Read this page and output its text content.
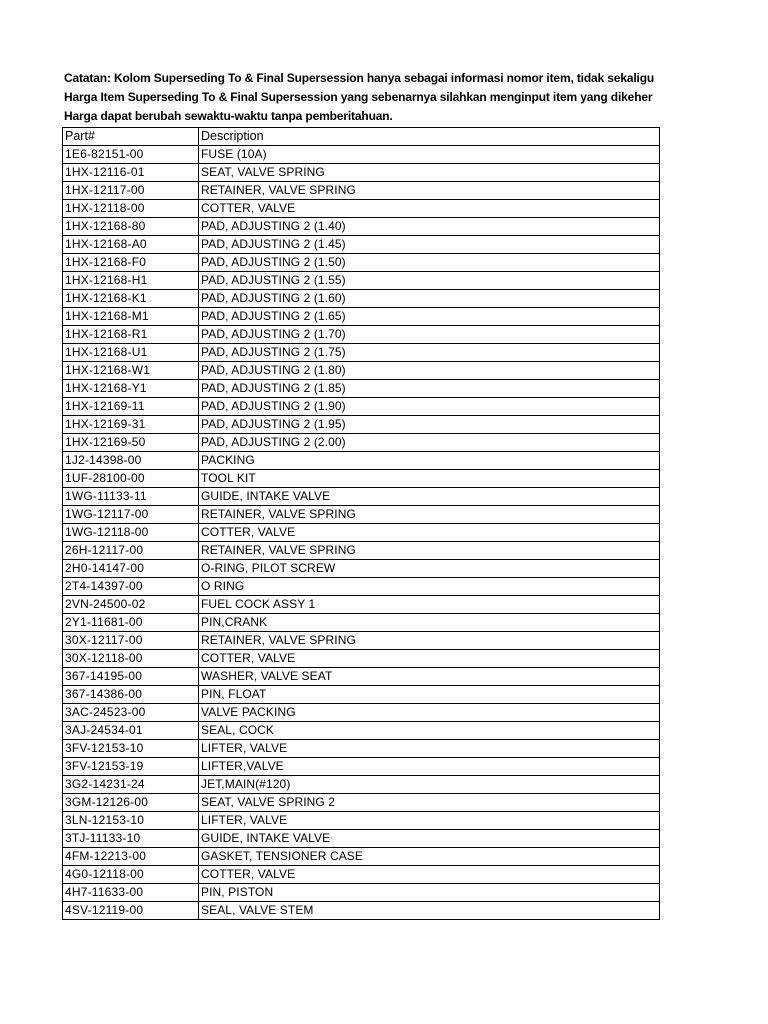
Catatan: Kolom Superseding To & Final Supersession hanya sebagai informasi nomor item, tidak sekaligu
Harga Item Superseding To & Final Supersession yang sebenarnya silahkan menginput item yang dikeher
Harga dapat berubah sewaktu-waktu tanpa pemberitahuan.
Part#	Description
1E6-82151-00	FUSE (10A)
1HX-12116-01	SEAT, VALVE SPRING
1HX-12117-00	RETAINER, VALVE SPRING
1HX-12118-00	COTTER, VALVE
1HX-12168-80	PAD, ADJUSTING 2 (1.40)
1HX-12168-A0	PAD, ADJUSTING 2 (1.45)
1HX-12168-F0	PAD, ADJUSTING 2 (1.50)
1HX-12168-H1	PAD, ADJUSTING 2 (1.55)
1HX-12168-K1	PAD, ADJUSTING 2 (1.60)
1HX-12168-M1	PAD, ADJUSTING 2 (1.65)
1HX-12168-R1	PAD, ADJUSTING 2 (1.70)
1HX-12168-U1	PAD, ADJUSTING 2 (1.75)
1HX-12168-W1	PAD, ADJUSTING 2 (1.80)
1HX-12168-Y1	PAD, ADJUSTING 2 (1.85)
1HX-12169-11	PAD, ADJUSTING 2 (1.90)
1HX-12169-31	PAD, ADJUSTING 2 (1.95)
1HX-12169-50	PAD, ADJUSTING 2 (2.00)
1J2-14398-00	PACKING
1UF-28100-00	TOOL KIT
1WG-11133-11	GUIDE, INTAKE VALVE
1WG-12117-00	RETAINER, VALVE SPRING
1WG-12118-00	COTTER, VALVE
26H-12117-00	RETAINER, VALVE SPRING
2H0-14147-00	O-RING, PILOT SCREW
2T4-14397-00	O RING
2VN-24500-02	FUEL COCK ASSY 1
2Y1-11681-00	PIN,CRANK
30X-12117-00	RETAINER, VALVE SPRING
30X-12118-00	COTTER, VALVE
367-14195-00	WASHER, VALVE SEAT
367-14386-00	PIN, FLOAT
3AC-24523-00	VALVE PACKING
3AJ-24534-01	SEAL, COCK
3FV-12153-10	LIFTER, VALVE
3FV-12153-19	LIFTER,VALVE
3G2-14231-24	JET,MAIN(#120)
3GM-12126-00	SEAT, VALVE SPRING 2
3LN-12153-10	LIFTER, VALVE
3TJ-11133-10	GUIDE, INTAKE VALVE
4FM-12213-00	GASKET, TENSIONER CASE
4G0-12118-00	COTTER, VALVE
4H7-11633-00	PIN, PISTON
4SV-12119-00	SEAL, VALVE STEM
